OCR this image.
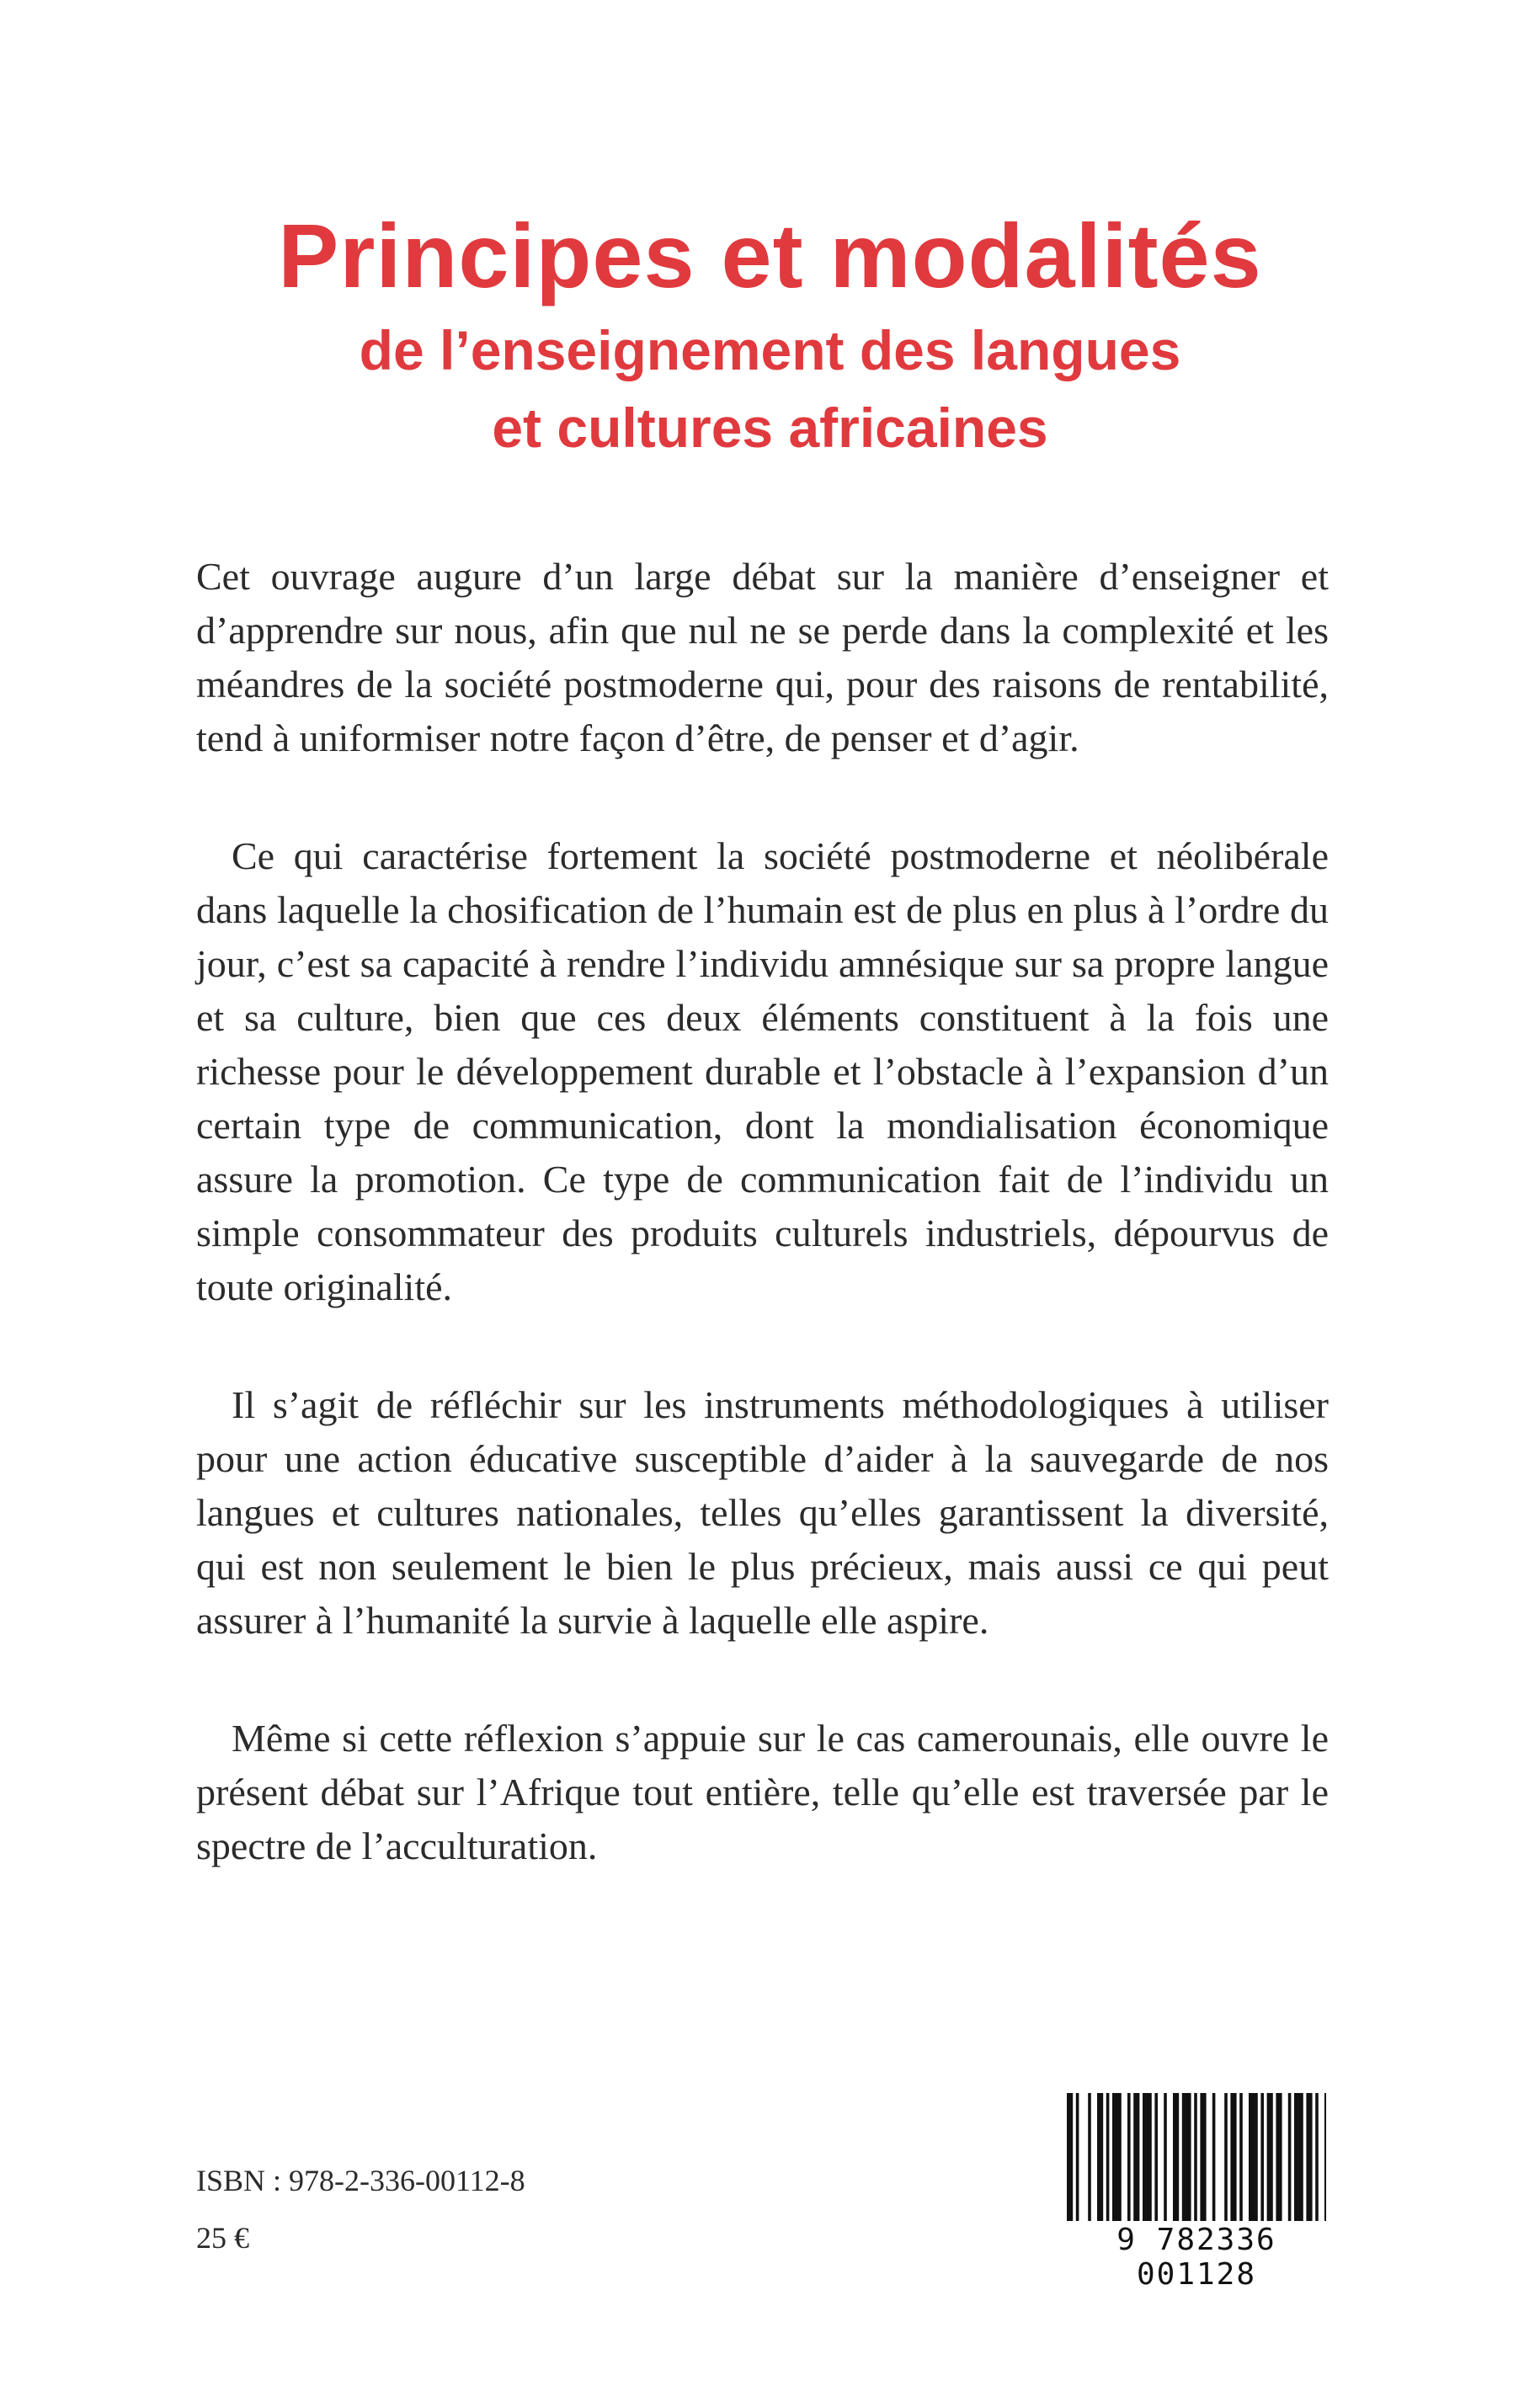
Principes et modalités
de l’enseignement des langues
et cultures africaines

Cet ouvrage augure d’un large débat sur la manière d’enseigner et d’apprendre sur nous, afin que nul ne se perde dans la complexité et les méandres de la société postmoderne qui, pour des raisons de rentabilité, tend à uniformiser notre façon d’être, de penser et d’agir.

Ce qui caractérise fortement la société postmoderne et néolibérale dans laquelle la chosification de l’humain est de plus en plus à l’ordre du jour, c’est sa capacité à rendre l’individu amnésique sur sa propre langue et sa culture, bien que ces deux éléments constituent à la fois une richesse pour le développement durable et l’obstacle à l’expansion d’un certain type de communication, dont la mondialisation économique assure la promotion. Ce type de communication fait de l’individu un simple consommateur des produits culturels industriels, dépourvus de toute originalité.

Il s’agit de réfléchir sur les instruments méthodologiques à utiliser pour une action éducative susceptible d’aider à la sauvegarde de nos langues et cultures nationales, telles qu’elles garantissent la diversité, qui est non seulement le bien le plus précieux, mais aussi ce qui peut assurer à l’humanité la survie à laquelle elle aspire.

Même si cette réflexion s’appuie sur le cas camerounais, elle ouvre le présent débat sur l’Afrique tout entière, telle qu’elle est traversée par le spectre de l’acculturation.

ISBN : 978-2-336-00112-8
25 €	9 782336 001128
